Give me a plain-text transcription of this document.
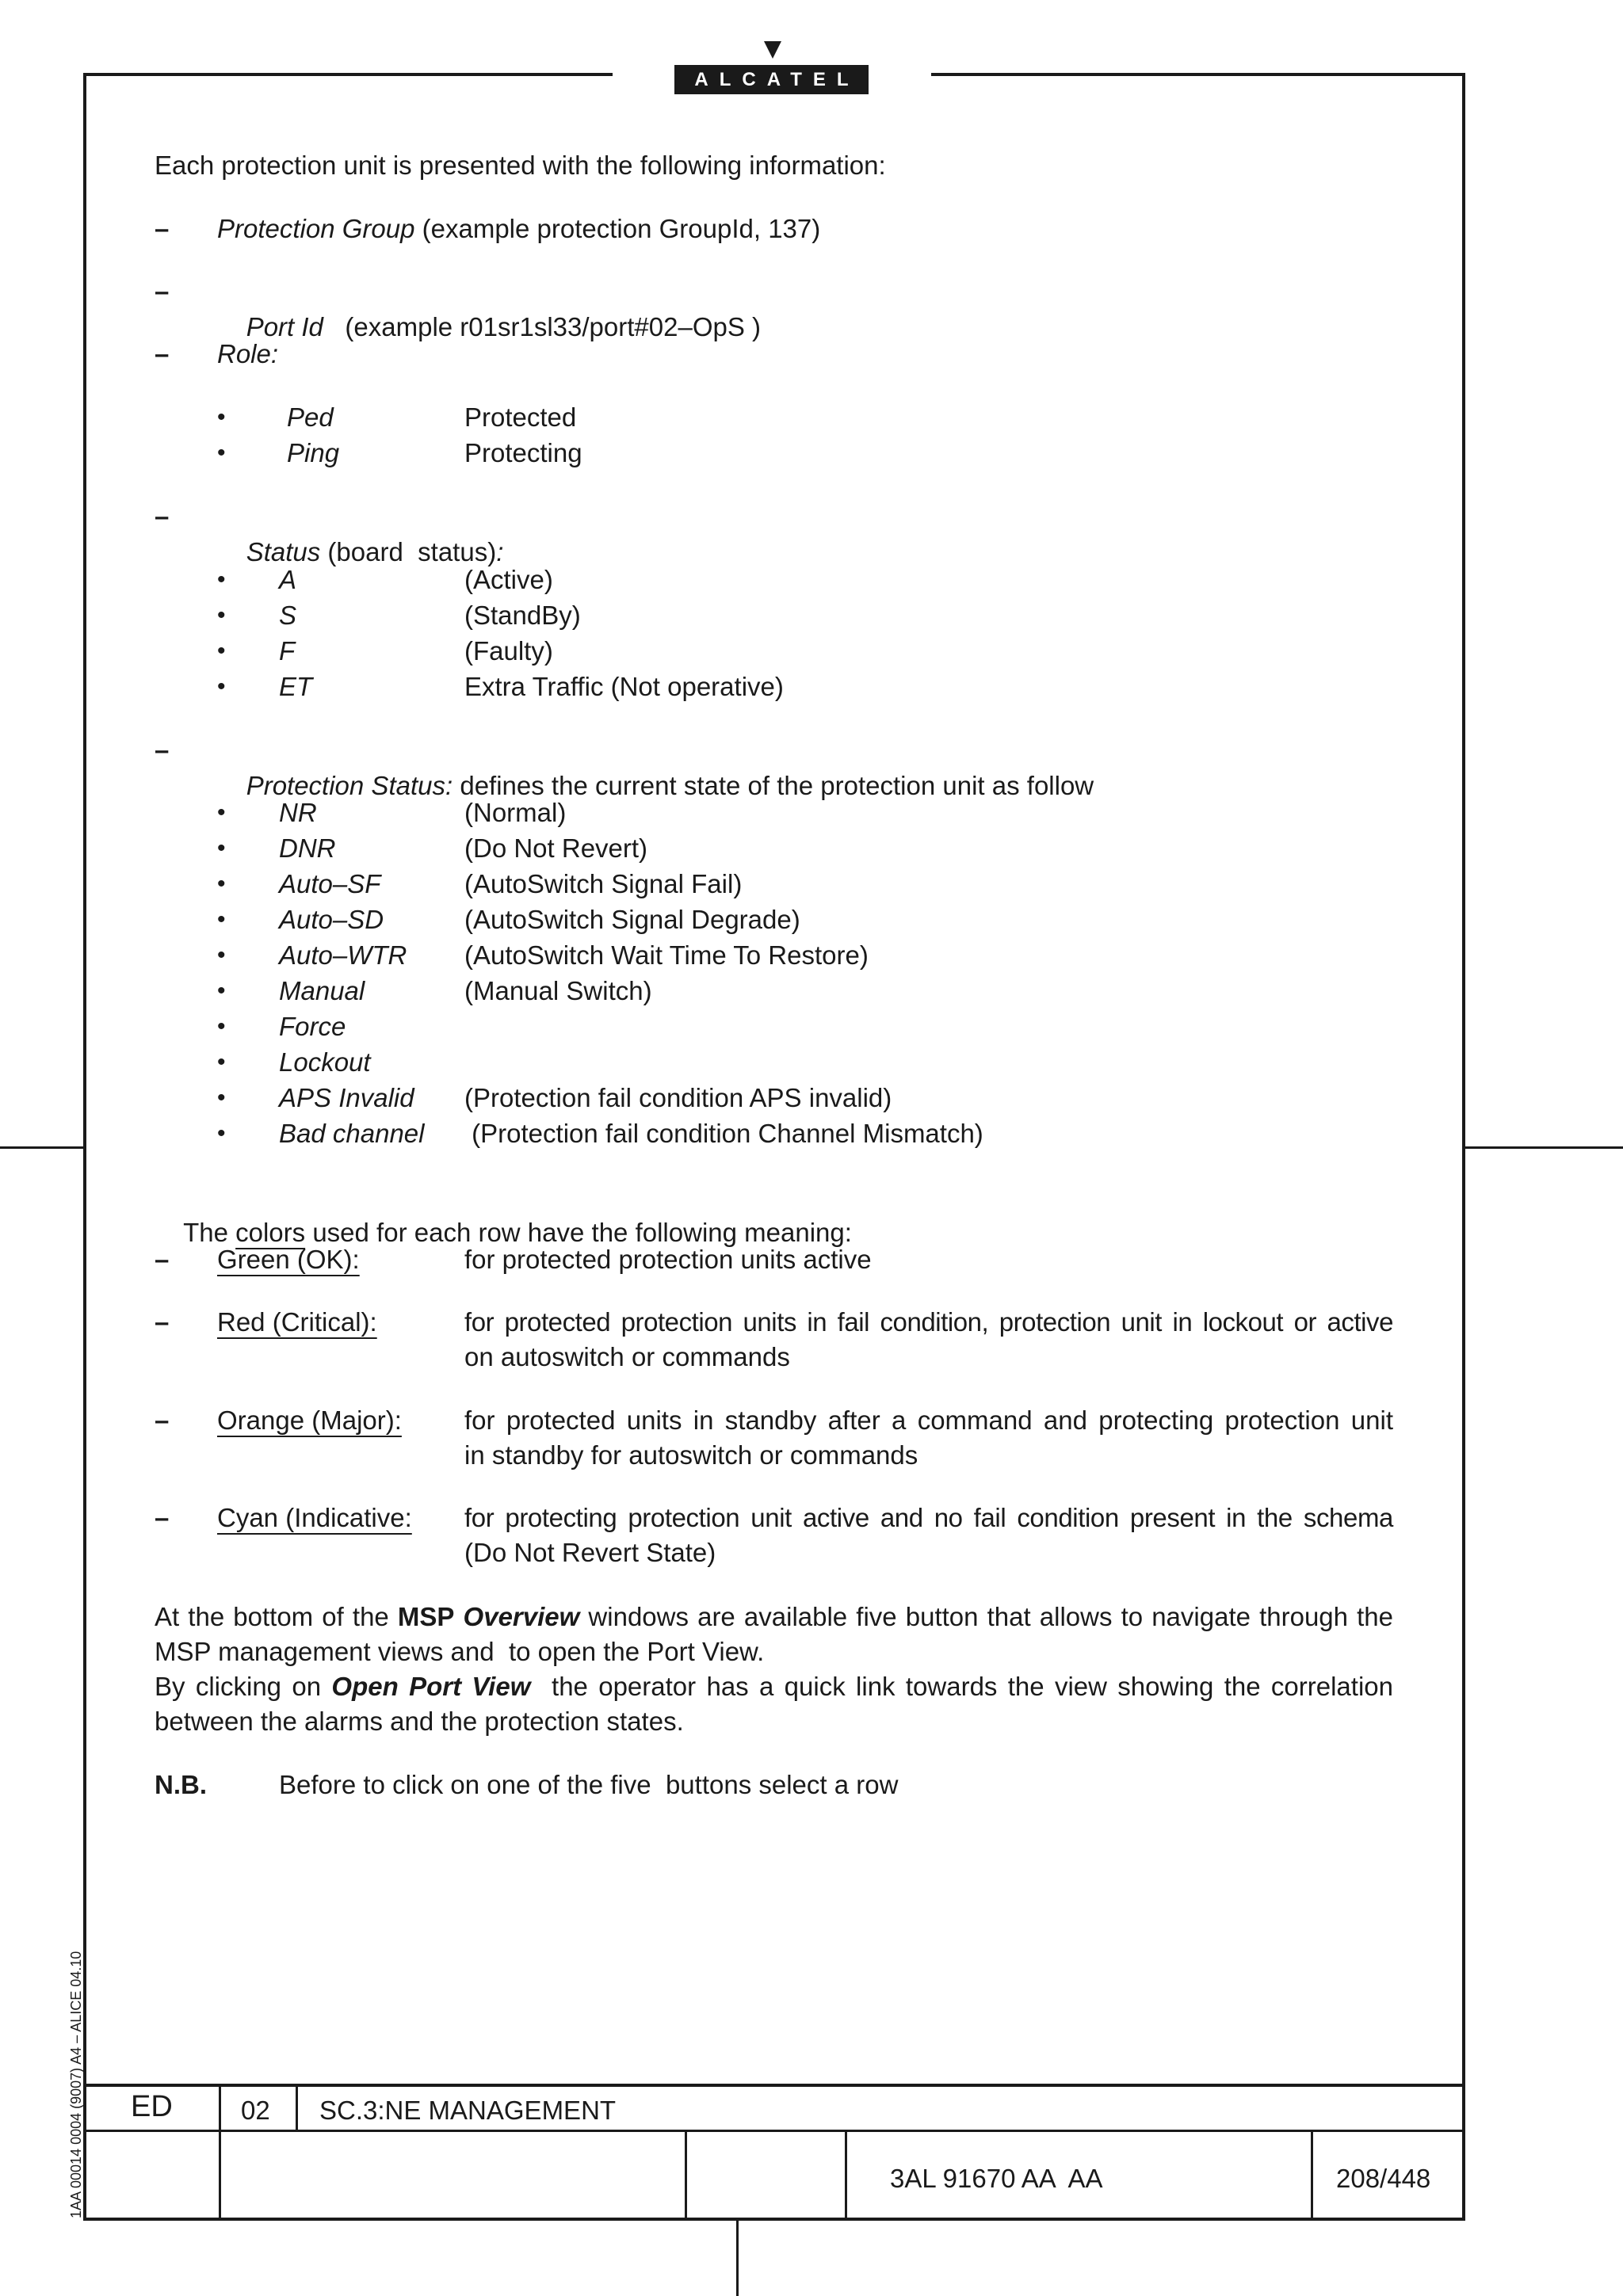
ALCATEL
Each protection unit is presented with the following information:
– Protection Group (example protection GroupId, 137)
–

Port Id   (example r01sr1sl33/port#02–OpS )

– Role:
• Ped	Protected
• Ping	Protecting
–

Status (board  status):

• A	(Active)
• S	(StandBy)
• F	(Faulty)
• ET	Extra Traffic (Not operative)
–

Protection Status: defines the current state of the protection unit as follow

• NR	(Normal)
• DNR	(Do Not Revert)
• Auto–SF	(AutoSwitch Signal Fail)
• Auto–SD	(AutoSwitch Signal Degrade)
• Auto–WTR (AutoSwitch Wait Time To Restore)
• Manual	(Manual Switch)
• Force
• Lockout
• APS Invalid (Protection fail condition APS invalid)
• Bad channel (Protection fail condition Channel Mismatch)

The colors used for each row have the following meaning:

– Green (OK):	for protected protection units active
– Red (Critical):	for protected protection units in fail condition, protection unit in lockout or active
on autoswitch or commands
– Orange (Major): for protected units in standby after a command and protecting protection unit
in standby for autoswitch or commands
– Cyan (Indicative: for protecting protection unit active and no fail condition present in the schema
(Do Not Revert State)
At the bottom of the MSP Overview windows are available five button that allows to navigate through the
MSP management views and  to open the Port View.
By clicking on Open Port View  the operator has a quick link towards the view showing the correlation
between the alarms and the protection states.
N.B.	Before to click on one of the five  buttons select a row
ED	02 SC.3:NE MANAGEMENT
3AL 91670 AA  AA	208/448
1AA 00014 0004 (9007) A4 – ALICE 04.10
